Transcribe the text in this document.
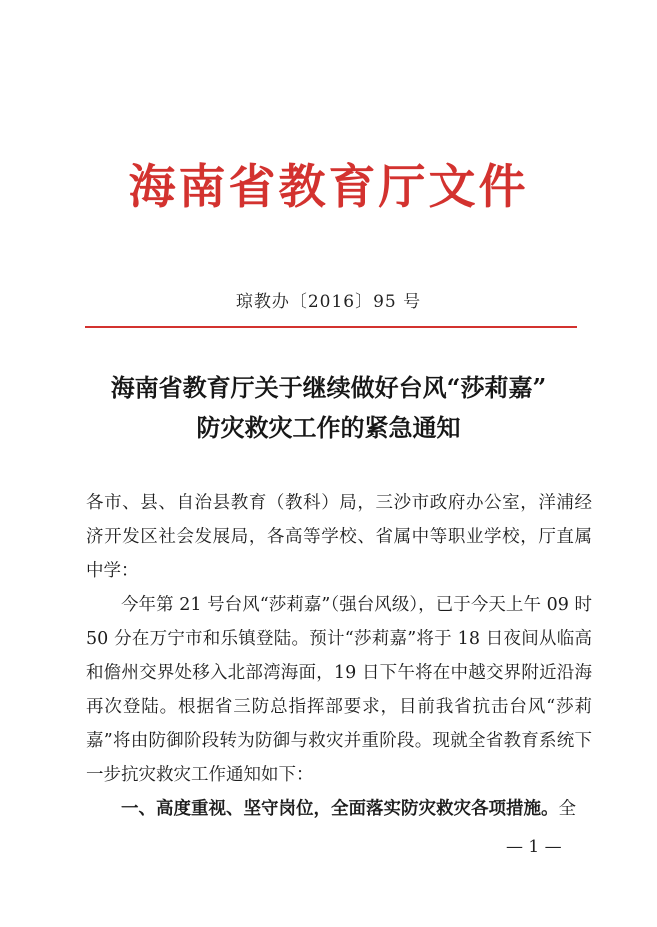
海南省教育厅文件
琼教办〔2016〕95 号
海南省教育厅关于继续做好台风“莎莉嘉”
防灾救灾工作的紧急通知

各市、县、自治县教育（教科）局，三沙市政府办公室，洋浦经济开发区社会发展局，各高等学校、省属中等职业学校，厅直属中学：

今年第 21 号台风“莎莉嘉”（强台风级），已于今天上午 09 时 50 分在万宁市和乐镇登陆。预计“莎莉嘉”将于 18 日夜间从临高和儋州交界处移入北部湾海面，19 日下午将在中越交界附近沿海再次登陆。根据省三防总指挥部要求，目前我省抗击台风“莎莉嘉”将由防御阶段转为防御与救灾并重阶段。现就全省教育系统下一步抗灾救灾工作通知如下：

一、高度重视、坚守岗位，全面落实防灾救灾各项措施。全

— 1 —
